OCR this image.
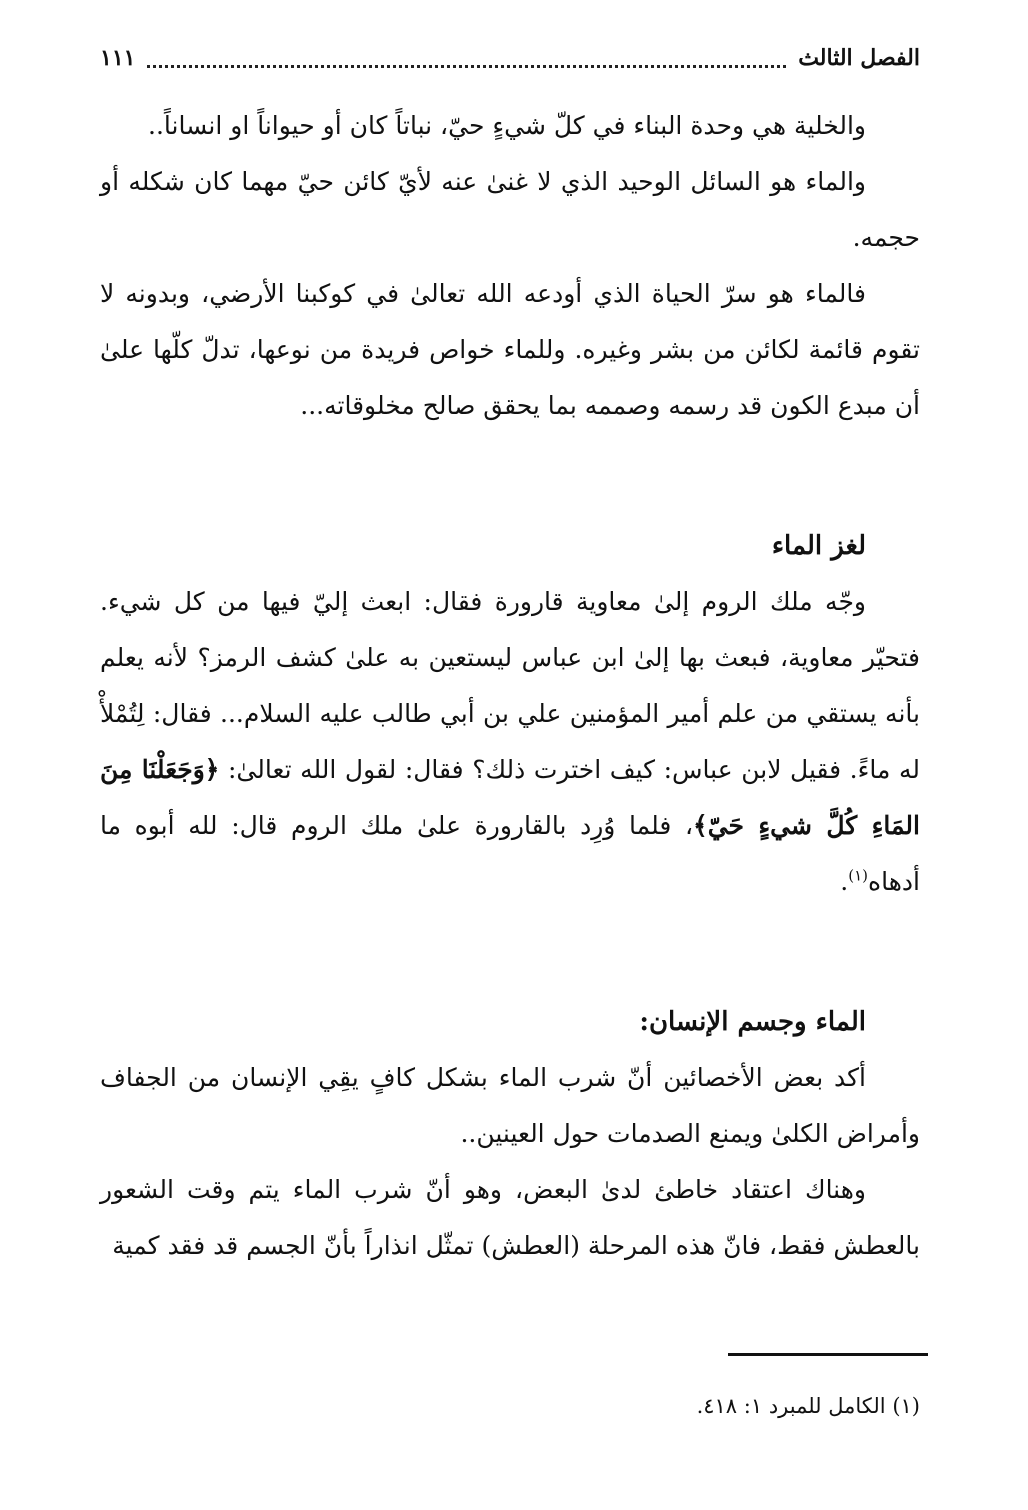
الفصل الثالث
١١١

والخلية هي وحدة البناء في كلّ شيءٍ حيّ، نباتاً كان أو حيواناً او انساناً..

والماء هو السائل الوحيد الذي لا غنىٰ عنه لأيّ كائن حيّ مهما كان شكله أو حجمه.

فالماء هو سرّ الحياة الذي أودعه الله تعالىٰ في كوكبنا الأرضي، وبدونه لا تقوم قائمة لكائن من بشر وغيره. وللماء خواص فريدة من نوعها، تدلّ كلّها علىٰ أن مبدع الكون قد رسمه وصممه بما يحقق صالح مخلوقاته...

لغز الماء

وجّه ملك الروم إلىٰ معاوية قارورة فقال: ابعث إليّ فيها من كل شيء. فتحيّر معاوية، فبعث بها إلىٰ ابن عباس ليستعين به علىٰ كشف الرمز؟ لأنه يعلم بأنه يستقي من علم أمير المؤمنين علي بن أبي طالب عليه السلام... فقال: لِتُمْلأْ له ماءً. فقيل لابن عباس: كيف اخترت ذلك؟ فقال: لقول الله تعالىٰ: ﴿وَجَعَلْنَا مِنَ المَاءِ كُلَّ شيءٍ حَيّ﴾، فلما وُرِد بالقارورة علىٰ ملك الروم قال: لله أبوه ما أدهاه$^{(١)}$.

الماء وجسم الإنسان:

أكد بعض الأخصائين أنّ شرب الماء بشكل كافٍ يقِي الإنسان من الجفاف وأمراض الكلىٰ ويمنع الصدمات حول العينين..

وهناك اعتقاد خاطئ لدىٰ البعض، وهو أنّ شرب الماء يتم وقت الشعور بالعطش فقط، فانّ هذه المرحلة (العطش) تمثّل انذاراً بأنّ الجسم قد فقد كمية

(١) الكامل للمبرد ١: ٤١٨.
